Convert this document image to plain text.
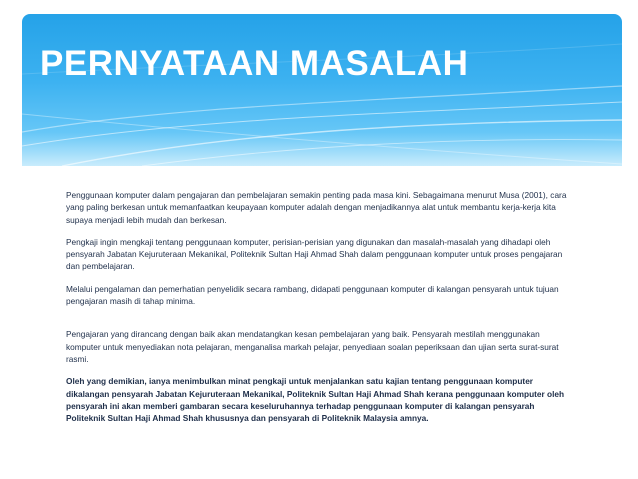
PERNYATAAN MASALAH

Penggunaan komputer dalam pengajaran dan pembelajaran semakin penting pada masa kini. Sebagaimana menurut Musa (2001), cara yang paling berkesan untuk memanfaatkan keupayaan komputer adalah dengan menjadikannya alat untuk membantu kerja-kerja kita supaya menjadi lebih mudah dan berkesan.

Pengkaji ingin mengkaji tentang penggunaan komputer, perisian-perisian yang digunakan dan masalah-masalah yang dihadapi oleh pensyarah Jabatan Kejuruteraan Mekanikal, Politeknik Sultan Haji Ahmad Shah dalam penggunaan komputer untuk proses pengajaran dan pembelajaran.

Melalui pengalaman dan pemerhatian penyelidik secara rambang, didapati penggunaan komputer di kalangan pensyarah untuk tujuan pengajaran masih di tahap minima.

Pengajaran yang dirancang dengan baik akan mendatangkan kesan pembelajaran yang baik. Pensyarah mestilah menggunakan komputer untuk menyediakan nota pelajaran, menganalisa markah pelajar, penyediaan soalan peperiksaan dan ujian serta surat-surat rasmi.

Oleh yang demikian, ianya menimbulkan minat pengkaji untuk menjalankan satu kajian tentang penggunaan komputer dikalangan pensyarah Jabatan Kejuruteraan Mekanikal, Politeknik Sultan Haji Ahmad Shah kerana penggunaan komputer oleh pensyarah ini akan memberi gambaran secara keseluruhannya terhadap penggunaan komputer di kalangan pensyarah Politeknik Sultan Haji Ahmad Shah khususnya dan pensyarah di Politeknik Malaysia amnya.
